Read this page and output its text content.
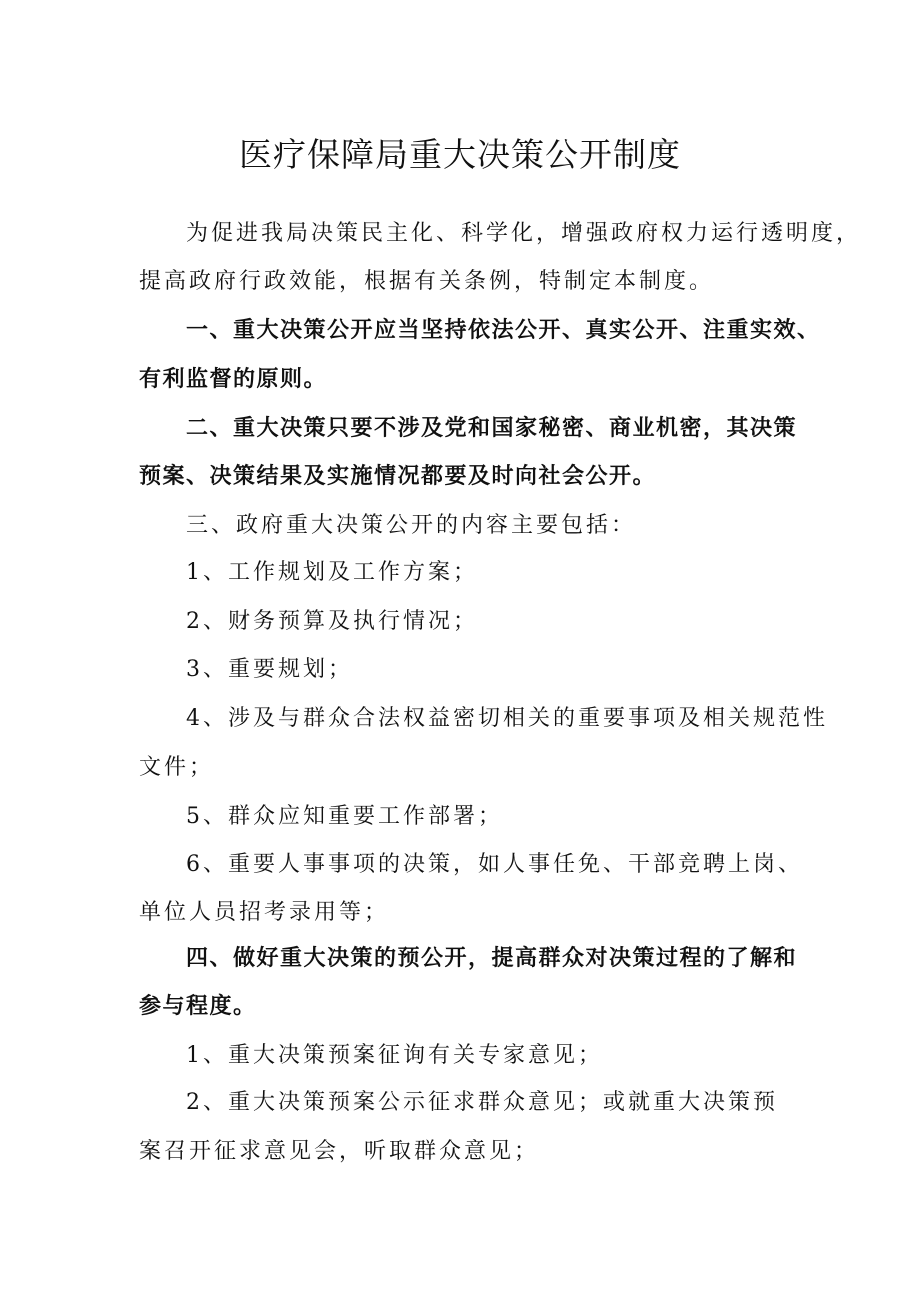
医疗保障局重大决策公开制度

为促进我局决策民主化、科学化，增强政府权力运行透明度，

提高政府行政效能，根据有关条例，特制定本制度。

一、重大决策公开应当坚持依法公开、真实公开、注重实效、

有利监督的原则。

二、重大决策只要不涉及党和国家秘密、商业机密，其决策

预案、决策结果及实施情况都要及时向社会公开。

三、政府重大决策公开的内容主要包括：

1、工作规划及工作方案；

2、财务预算及执行情况；

3、重要规划；

4、涉及与群众合法权益密切相关的重要事项及相关规范性

文件；

5、群众应知重要工作部署；

6、重要人事事项的决策，如人事任免、干部竞聘上岗、

单位人员招考录用等；

四、做好重大决策的预公开，提高群众对决策过程的了解和

参与程度。

1、重大决策预案征询有关专家意见；

2、重大决策预案公示征求群众意见；或就重大决策预

案召开征求意见会，听取群众意见；
